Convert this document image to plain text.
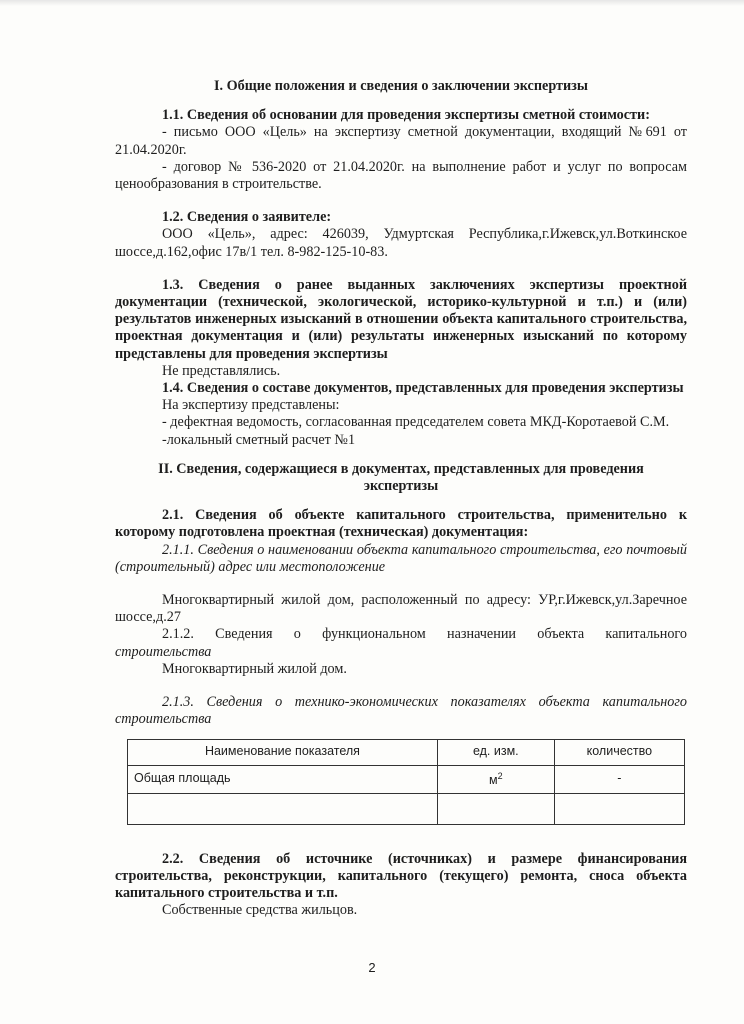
I. Общие положения и сведения о заключении экспертизы

1.1. Сведения об основании для проведения экспертизы сметной стоимости:

- письмо ООО «Цель» на экспертизу сметной документации, входящий №691 от 21.04.2020г.

- договор № 536-2020 от 21.04.2020г. на выполнение работ и услуг по вопросам ценообразования в строительстве.

1.2. Сведения о заявителе:

ООО «Цель», адрес: 426039, Удмуртская Республика,г.Ижевск,ул.Воткинское шоссе,д.162,офис 17в/1 тел. 8-982-125-10-83.

1.3. Сведения о ранее выданных заключениях экспертизы проектной документации (технической, экологической, историко-культурной и т.п.) и (или) результатов инженерных изысканий в отношении объекта капитального строительства, проектная документация и (или) результаты инженерных изысканий по которому представлены для проведения экспертизы

Не представлялись.

1.4. Сведения о составе документов, представленных для проведения экспертизы

На экспертизу представлены:

- дефектная ведомость, согласованная председателем совета МКД-Коротаевой С.М.

-локальный сметный расчет №1

II. Сведения, содержащиеся в документах, представленных для проведения экспертизы

2.1. Сведения об объекте капитального строительства, применительно к которому подготовлена проектная (техническая) документация:

2.1.1. Сведения о наименовании объекта капитального строительства, его почтовый (строительный) адрес или местоположение

Многоквартирный жилой дом, расположенный по адресу: УР,г.Ижевск,ул.Заречное шоссе,д.27

2.1.2. Сведения о функциональном назначении объекта капитального

строительства

Многоквартирный жилой дом.

2.1.3. Сведения о технико-экономических показателях объекта капитального строительства

Наименование показателя	ед. изм.	количество
Общая площадь	$м^2$	-

2.2. Сведения об источнике (источниках) и размере финансирования строительства, реконструкции, капитального (текущего) ремонта, сноса объекта капитального строительства и т.п.

Собственные средства жильцов.

2
